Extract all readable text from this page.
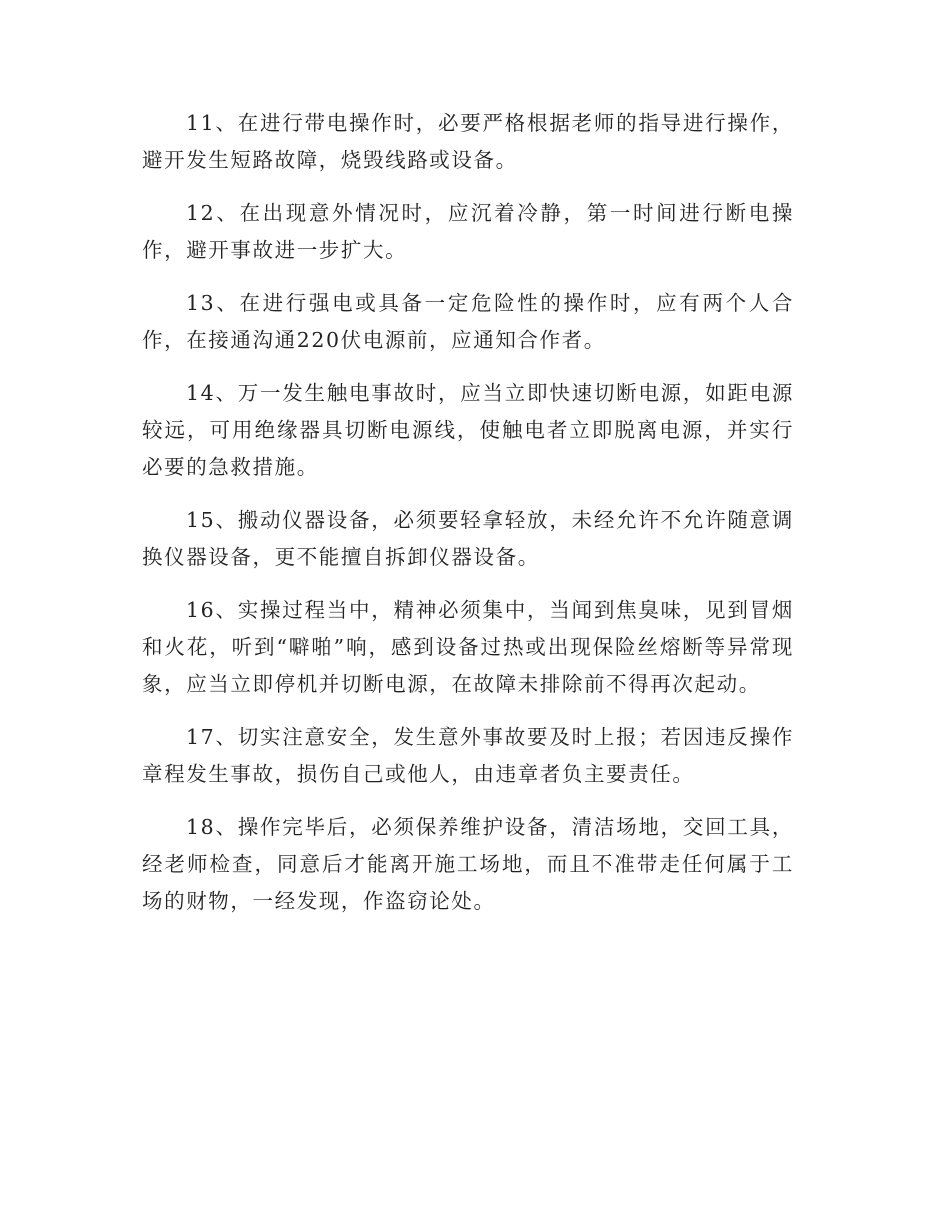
11、在进行带电操作时，必要严格根据老师的指导进行操作，避开发生短路故障，烧毁线路或设备。

12、在出现意外情况时，应沉着冷静，第一时间进行断电操作，避开事故进一步扩大。

13、在进行强电或具备一定危险性的操作时，应有两个人合作，在接通沟通220伏电源前，应通知合作者。

14、万一发生触电事故时，应当立即快速切断电源，如距电源较远，可用绝缘器具切断电源线，使触电者立即脱离电源，并实行必要的急救措施。

15、搬动仪器设备，必须要轻拿轻放，未经允许不允许随意调换仪器设备，更不能擅自拆卸仪器设备。

16、实操过程当中，精神必须集中，当闻到焦臭味，见到冒烟和火花，听到“噼啪”响，感到设备过热或出现保险丝熔断等异常现象，应当立即停机并切断电源，在故障未排除前不得再次起动。

17、切实注意安全，发生意外事故要及时上报；若因违反操作章程发生事故，损伤自己或他人，由违章者负主要责任。

18、操作完毕后，必须保养维护设备，清洁场地，交回工具，经老师检查，同意后才能离开施工场地，而且不准带走任何属于工场的财物，一经发现，作盗窃论处。
